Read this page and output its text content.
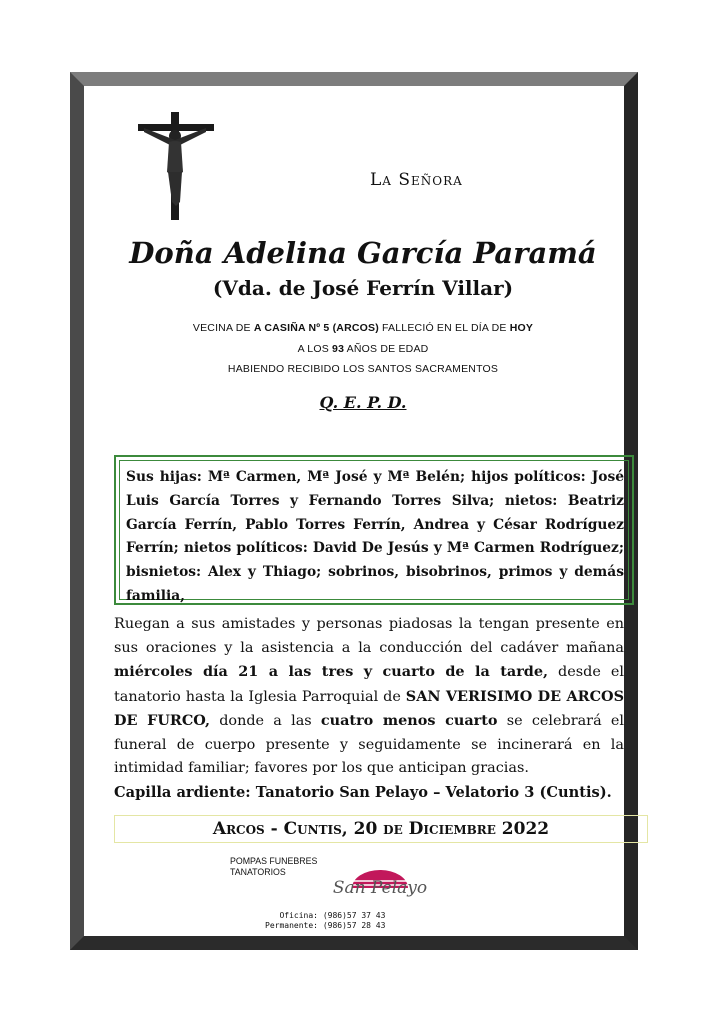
La Señora
Doña Adelina García Paramá
(Vda. de José Ferrín Villar)
VECINA DE A CASIÑA Nº 5 (ARCOS) FALLECIÓ EN EL DÍA DE HOY
A LOS 93 AÑOS DE EDAD
HABIENDO RECIBIDO LOS SANTOS SACRAMENTOS
Q. E. P. D.
Sus hijas: Mª Carmen, Mª José y Mª Belén; hijos políticos: José Luis García Torres y Fernando Torres Silva; nietos: Beatriz García Ferrín, Pablo Torres Ferrín, Andrea y César Rodríguez Ferrín; nietos políticos: David De Jesús y Mª Carmen Rodríguez; bisnietos: Alex y Thiago; sobrinos, bisobrinos, primos y demás familia,
Ruegan a sus amistades y personas piadosas la tengan presente en sus oraciones y la asistencia a la conducción del cadáver mañana miércoles día 21 a las tres y cuarto de la tarde, desde el tanatorio hasta la Iglesia Parroquial de SAN VERISIMO DE ARCOS DE FURCO, donde a las cuatro menos cuarto se celebrará el funeral de cuerpo presente y seguidamente se incinerará en la intimidad familiar; favores por los que anticipan gracias.
Capilla ardiente: Tanatorio San Pelayo – Velatorio 3 (Cuntis).
Arcos - Cuntis, 20 de Diciembre 2022
POMPAS FUNEBRES
TANATORIOS
San Pelayo
Oficina: (986)57 37 43
Permanente: (986)57 28 43
